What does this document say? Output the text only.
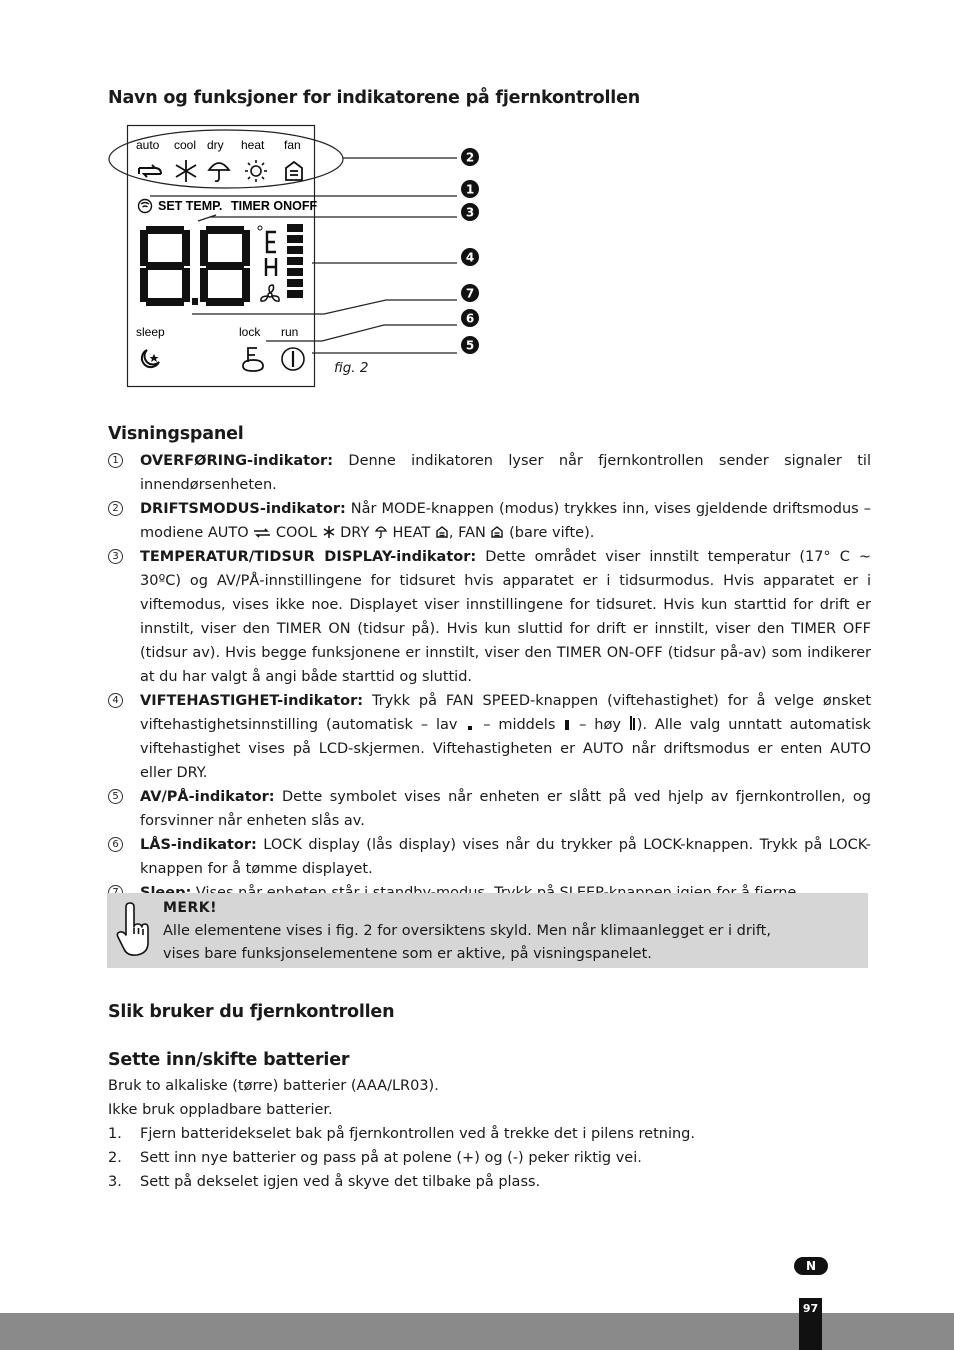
Navn og funksjoner for indikatorene på fjernkontrollen
auto cool dry heat fan
SET TEMP. TIMER ONOFF
sleep	lock run
2
1
3
4
7
6
5
fig. 2
Visningspanel
1 OVERFØRING-indikator: Denne indikatoren lyser når fjernkontrollen sender signaler til innendørsenheten.
2 DRIFTSMODUS-indikator: Når MODE-knappen (modus) trykkes inn, vises gjeldende driftsmodus – modiene AUTO  COOL  DRY  HEAT , FAN  (bare vifte).
3 TEMPERATUR/TIDSUR DISPLAY-indikator: Dette området viser innstilt temperatur (17° C ~ 30ºC) og AV/PÅ-innstillingene for tidsuret hvis apparatet er i tidsurmodus. Hvis apparatet er i viftemodus, vises ikke noe. Displayet viser innstillingene for tidsuret. Hvis kun starttid for drift er innstilt, viser den TIMER ON (tidsur på). Hvis kun sluttid for drift er innstilt, viser den TIMER OFF (tidsur av). Hvis begge funksjonene er innstilt, viser den TIMER ON-OFF (tidsur på-av) som indikerer at du har valgt å angi både starttid og sluttid.
4 VIFTEHASTIGHET-indikator: Trykk på FAN SPEED-knappen (viftehastighet) for å velge ønsket viftehastighetsinnstilling (automatisk – lav  – middels  – høy ). Alle valg unntatt automatisk viftehastighet vises på LCD-skjermen. Viftehastigheten er AUTO når driftsmodus er enten AUTO eller DRY.
5 AV/PÅ-indikator: Dette symbolet vises når enheten er slått på ved hjelp av fjernkontrollen, og forsvinner når enheten slås av.
6 LÅS-indikator: LOCK display (lås display) vises når du trykker på LOCK-knappen. Trykk på LOCK-knappen for å tømme displayet.
MERK!
Alle elementene vises i fig. 2 for oversiktens skyld. Men når klimaanlegget er i drift,
vises bare funksjonselementene som er aktive, på visningspanelet.
Slik bruker du fjernkontrollen
Sette inn/skifte batterier
Bruk to alkaliske (tørre) batterier (AAA/LR03).
Ikke bruk oppladbare batterier.
1. Fjern batteridekselet bak på fjernkontrollen ved å trekke det i pilens retning.
2. Sett inn nye batterier og pass på at polene (+) og (-) peker riktig vei.
3. Sett på dekselet igjen ved å skyve det tilbake på plass.
N
97
